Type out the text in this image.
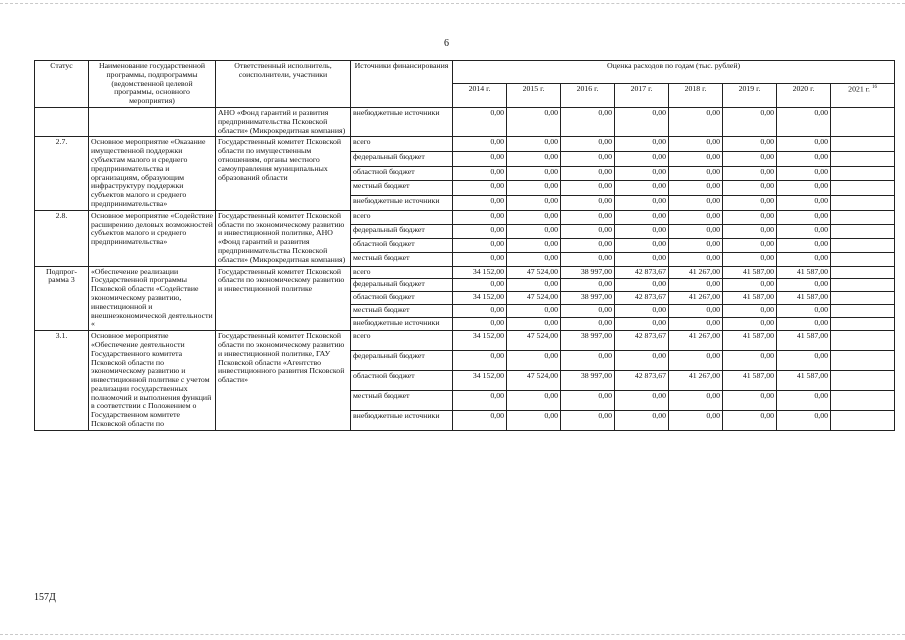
6
Статус	Наименование государственной программы, подпрограммы (ведомственной целевой программы, основного мероприятия)	Ответственный исполнитель, соисполнители, участники	Источники финансирования	Оценка расходов по годам (тыс. рублей)							
				2014 г.	2015 г.	2016 г.	2017 г.	2018 г.	2019 г.	2020 г.	2021 г. $^{16}$
		АНО «Фонд гарантий и развития предпринимательства Псковской области» (Микрокредитная компания)	внебюджетные источники	0,00	0,00	0,00	0,00	0,00	0,00	0,00	
2.7.	Основное мероприятие «Оказание имущественной поддержки субъектам малого и среднего предпринимательства и организациям, образующим инфраструктуру поддержки субъектов малого и среднего предпринимательства»	Государственный комитет Псковской области по имущественным отношениям, органы местного самоуправления муниципальных образований области	всего	0,00	0,00	0,00	0,00	0,00	0,00	0,00	
			федеральный бюджет	0,00	0,00	0,00	0,00	0,00	0,00	0,00	
			областной бюджет	0,00	0,00	0,00	0,00	0,00	0,00	0,00	
			местный бюджет	0,00	0,00	0,00	0,00	0,00	0,00	0,00	
			внебюджетные источники	0,00	0,00	0,00	0,00	0,00	0,00	0,00	
2.8.	Основное мероприятие «Содействие расширению деловых возможностей субъектов малого и среднего предпринимательства»	Государственный комитет Псковской области по экономическому развитию и инвестиционной политике, АНО «Фонд гарантий и развития предпринимательства Псковской области» (Микрокредитная компания)	всего	0,00	0,00	0,00	0,00	0,00	0,00	0,00	
			федеральный бюджет	0,00	0,00	0,00	0,00	0,00	0,00	0,00	
			областной бюджет	0,00	0,00	0,00	0,00	0,00	0,00	0,00	
			местный бюджет	0,00	0,00	0,00	0,00	0,00	0,00	0,00	
Подпрог-рамма 3	«Обеспечение реализации Государственной программы Псковской области «Содействие экономическому развитию, инвестиционной и внешнеэкономической деятельности «	Государственный комитет Псковской области по экономическому развитию и инвестиционной политике	всего	34 152,00	47 524,00	38 997,00	42 873,67	41 267,00	41 587,00	41 587,00	
			федеральный бюджет	0,00	0,00	0,00	0,00	0,00	0,00	0,00	
			областной бюджет	34 152,00	47 524,00	38 997,00	42 873,67	41 267,00	41 587,00	41 587,00	
			местный бюджет	0,00	0,00	0,00	0,00	0,00	0,00	0,00	
			внебюджетные источники	0,00	0,00	0,00	0,00	0,00	0,00	0,00	
3.1.	Основное мероприятие «Обеспечение деятельности Государственного комитета Псковской области по экономическому развитию и инвестиционной политике с учетом реализации государственных полномочий и выполнения функций в соответствии с Положением о Государственном комитете Псковской области по	Государственный комитет Псковской области по экономическому развитию и инвестиционной политике, ГАУ Псковской области «Агентство инвестиционного развития Псковской области»	всего	34 152,00	47 524,00	38 997,00	42 873,67	41 267,00	41 587,00	41 587,00	
			федеральный бюджет	0,00	0,00	0,00	0,00	0,00	0,00	0,00	
			областной бюджет	34 152,00	47 524,00	38 997,00	42 873,67	41 267,00	41 587,00	41 587,00	
			местный бюджет	0,00	0,00	0,00	0,00	0,00	0,00	0,00	
			внебюджетные источники	0,00	0,00	0,00	0,00	0,00	0,00	0,00	
157Д
